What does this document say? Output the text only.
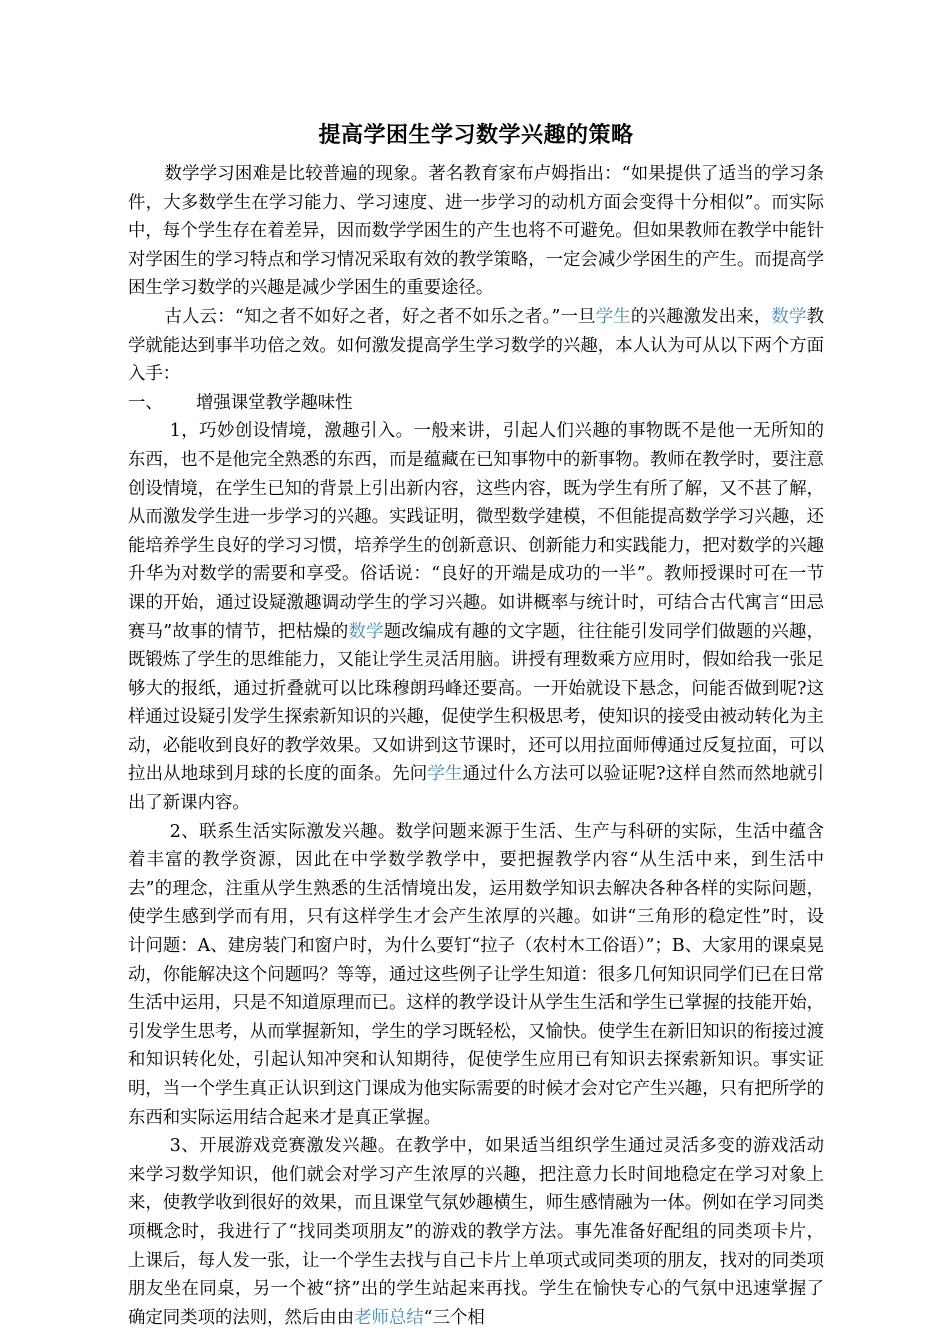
提高学困生学习数学兴趣的策略

数学学习困难是比较普遍的现象。著名教育家布卢姆指出：“如果提供了适当的学习条件，大多数学生在学习能力、学习速度、进一步学习的动机方面会变得十分相似”。而实际中，每个学生存在着差异，因而数学学困生的产生也将不可避免。但如果教师在教学中能针对学困生的学习特点和学习情况采取有效的教学策略，一定会减少学困生的产生。而提高学困生学习数学的兴趣是减少学困生的重要途径。

古人云：“知之者不如好之者，好之者不如乐之者。”一旦学生的兴趣激发出来，数学教学就能达到事半功倍之效。如何激发提高学生学习数学的兴趣，本人认为可从以下两个方面入手：

一、 增强课堂教学趣味性

1，巧妙创设情境，激趣引入。一般来讲，引起人们兴趣的事物既不是他一无所知的东西，也不是他完全熟悉的东西，而是蕴藏在已知事物中的新事物。教师在教学时，要注意创设情境，在学生已知的背景上引出新内容，这些内容，既为学生有所了解，又不甚了解，从而激发学生进一步学习的兴趣。实践证明，微型数学建模，不但能提高数学学习兴趣，还能培养学生良好的学习习惯，培养学生的创新意识、创新能力和实践能力，把对数学的兴趣升华为对数学的需要和享受。俗话说：“良好的开端是成功的一半”。教师授课时可在一节课的开始，通过设疑激趣调动学生的学习兴趣。如讲概率与统计时，可结合古代寓言“田忌赛马”故事的情节，把枯燥的数学题改编成有趣的文字题，往往能引发同学们做题的兴趣，既锻炼了学生的思维能力，又能让学生灵活用脑。讲授有理数乘方应用时，假如给我一张足够大的报纸，通过折叠就可以比珠穆朗玛峰还要高。一开始就设下悬念，问能否做到呢?这样通过设疑引发学生探索新知识的兴趣，促使学生积极思考，使知识的接受由被动转化为主动，必能收到良好的教学效果。又如讲到这节课时，还可以用拉面师傅通过反复拉面，可以拉出从地球到月球的长度的面条。先问学生通过什么方法可以验证呢?这样自然而然地就引出了新课内容。

2、联系生活实际激发兴趣。数学问题来源于生活、生产与科研的实际，生活中蕴含着丰富的教学资源，因此在中学数学教学中，要把握教学内容“从生活中来，到生活中去”的理念，注重从学生熟悉的生活情境出发，运用数学知识去解决各种各样的实际问题，使学生感到学而有用，只有这样学生才会产生浓厚的兴趣。如讲“三角形的稳定性”时，设计问题：A、建房装门和窗户时，为什么要钉“拉子（农村木工俗语）”；B、大家用的课桌晃动，你能解决这个问题吗？等等，通过这些例子让学生知道：很多几何知识同学们已在日常生活中运用，只是不知道原理而已。这样的教学设计从学生生活和学生已掌握的技能开始，引发学生思考，从而掌握新知，学生的学习既轻松，又愉快。使学生在新旧知识的衔接过渡和知识转化处，引起认知冲突和认知期待，促使学生应用已有知识去探索新知识。事实证明，当一个学生真正认识到这门课成为他实际需要的时候才会对它产生兴趣，只有把所学的东西和实际运用结合起来才是真正掌握。

3、开展游戏竞赛激发兴趣。在教学中，如果适当组织学生通过灵活多变的游戏活动来学习数学知识，他们就会对学习产生浓厚的兴趣，把注意力长时间地稳定在学习对象上来，使教学收到很好的效果，而且课堂气氛妙趣横生，师生感情融为一体。例如在学习同类项概念时，我进行了“找同类项朋友”的游戏的教学方法。事先准备好配组的同类项卡片，上课后，每人发一张，让一个学生去找与自己卡片上单项式或同类项的朋友，找对的同类项朋友坐在同桌，另一个被“挤”出的学生站起来再找。学生在愉快专心的气氛中迅速掌握了确定同类项的法则，然后由由老师总结“三个相
